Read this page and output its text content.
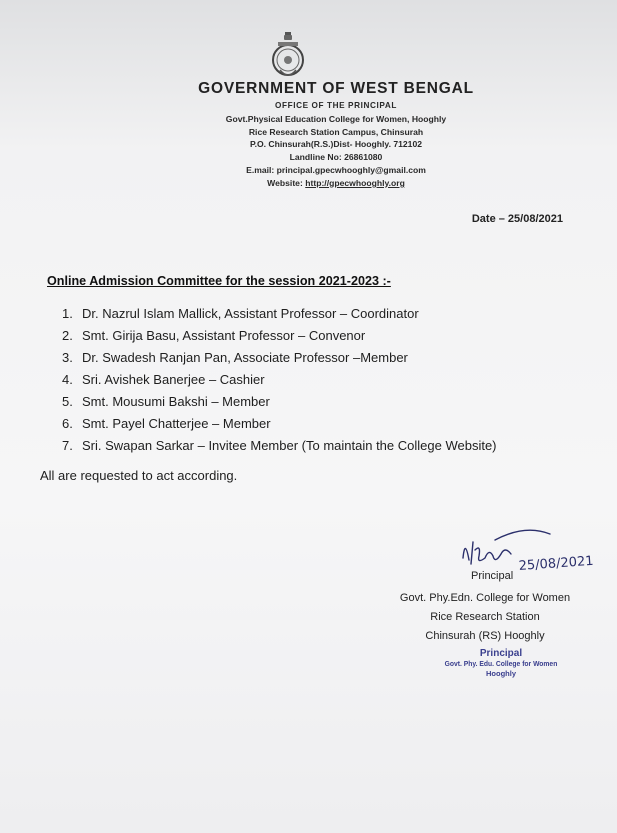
GOVERNMENT OF WEST BENGAL
OFFICE OF THE PRINCIPAL
Govt.Physical Education College for Women, Hooghly
Rice Research Station Campus, Chinsurah
P.O. Chinsurah(R.S.)Dist- Hooghly. 712102
Landline No: 26861080
E.mail: principal.gpecwhooghly@gmail.com
Website: http://gpecwhooghly.org
Date – 25/08/2021
Online Admission Committee for the session 2021-2023 :-
1. Dr. Nazrul Islam Mallick, Assistant Professor – Coordinator
2. Smt. Girija Basu, Assistant Professor – Convenor
3. Dr. Swadesh Ranjan Pan, Associate Professor –Member
4. Sri. Avishek Banerjee – Cashier
5. Smt. Mousumi Bakshi – Member
6. Smt. Payel Chatterjee – Member
7. Sri. Swapan Sarkar – Invitee Member (To maintain the College Website)
All are requested to act according.
25/08/2021
Principal
Govt. Phy.Edn. College for Women
Rice Research Station
Chinsurah (RS) Hooghly
Principal
Govt. Phy. Edu. College for Women
Hooghly
